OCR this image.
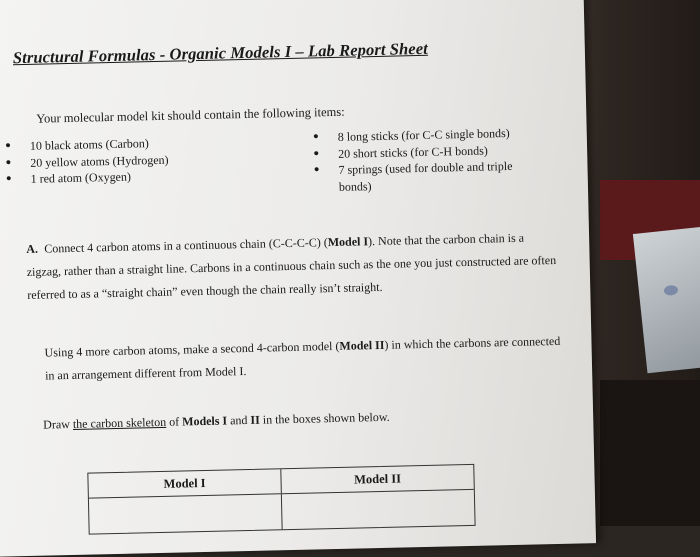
Structural Formulas - Organic Models I – Lab Report Sheet
Your molecular model kit should contain the following items:
• 10 black atoms (Carbon)
• 20 yellow atoms (Hydrogen)
• 1 red atom (Oxygen)
• 8 long sticks (for C-C single bonds)
• 20 short sticks (for C-H bonds)
• 7 springs (used for double and triple bonds)
A. Connect 4 carbon atoms in a continuous chain (C-C-C-C) (Model I). Note that the carbon chain is a zigzag, rather than a straight line. Carbons in a continuous chain such as the one you just constructed are often referred to as a “straight chain” even though the chain really isn’t straight.
Using 4 more carbon atoms, make a second 4-carbon model (Model II) in which the carbons are connected in an arrangement different from Model I.
Draw the carbon skeleton of Models I and II in the boxes shown below.
Model I	Model II
